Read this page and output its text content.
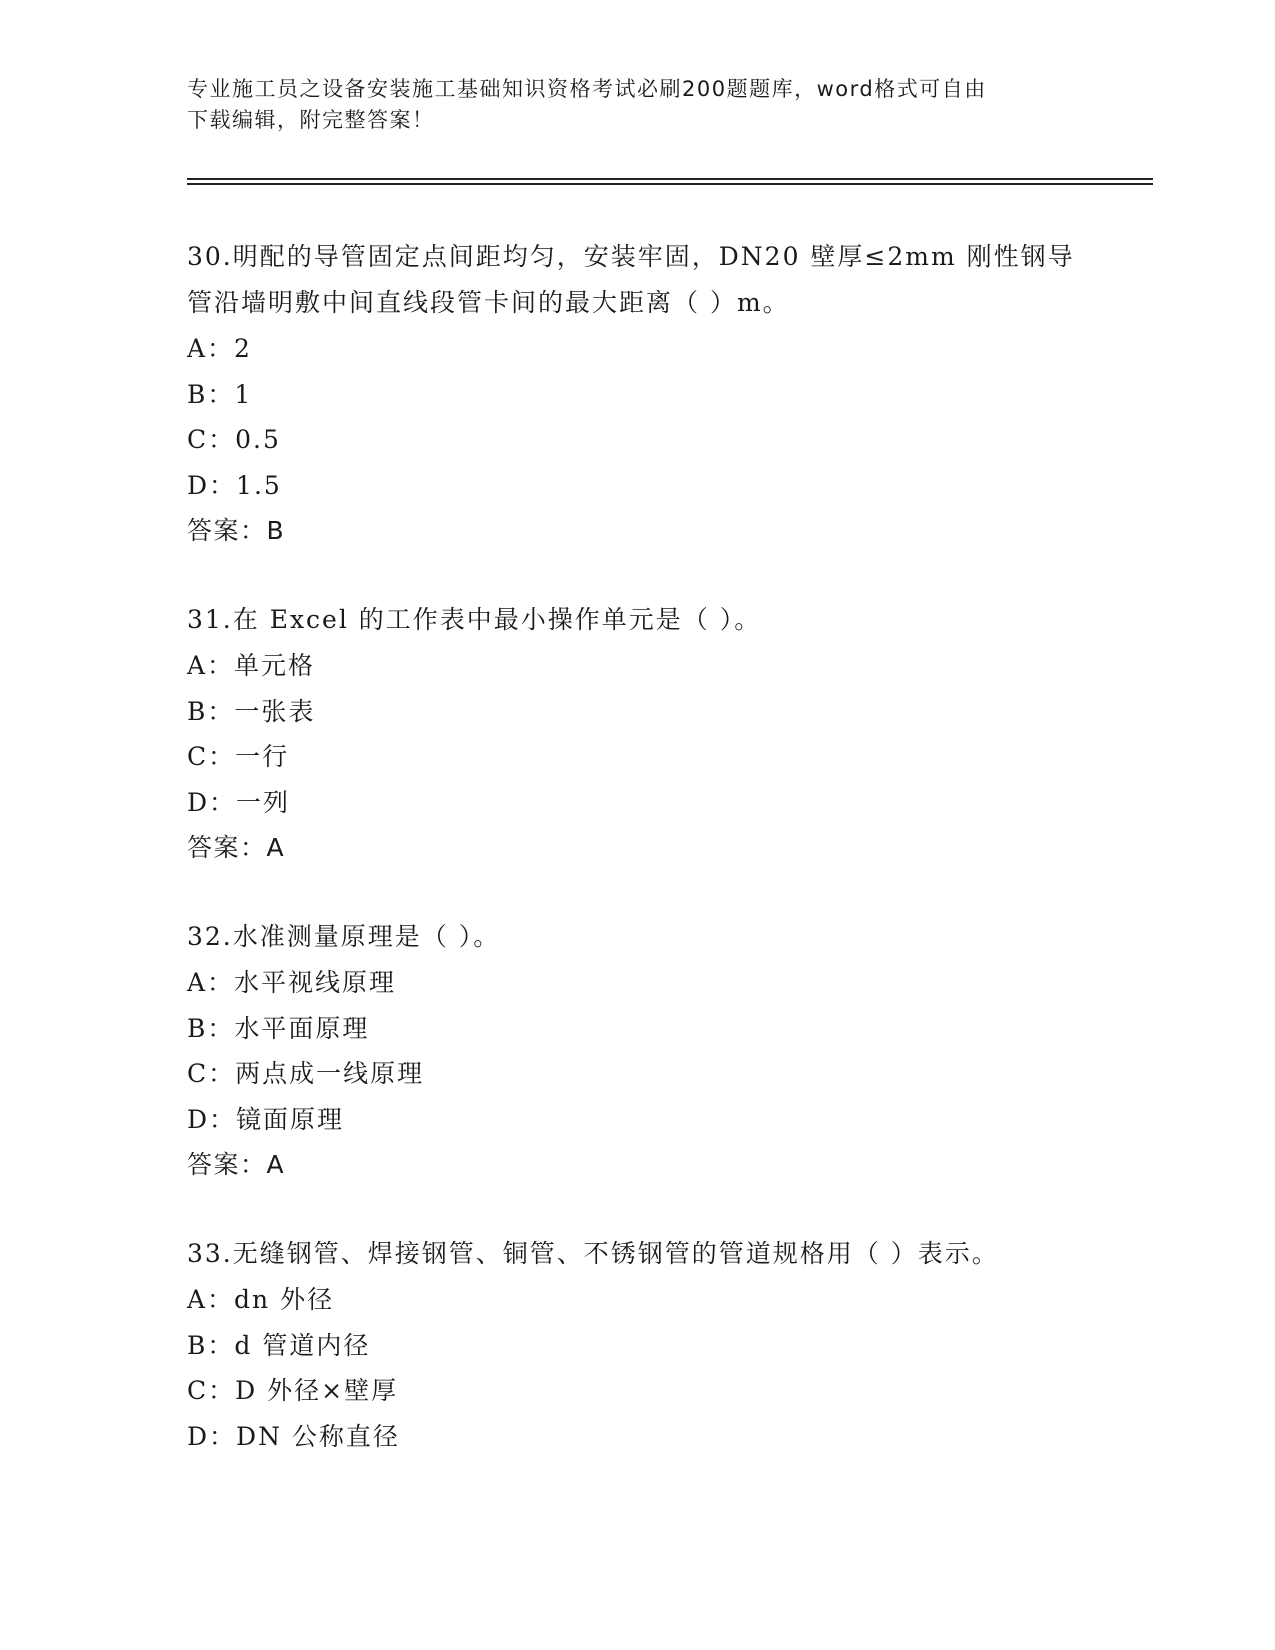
专业施工员之设备安装施工基础知识资格考试必刷200题题库，word格式可自由
下载编辑，附完整答案！
30.明配的导管固定点间距均匀，安装牢固，DN20 壁厚≤2mm 刚性钢导
管沿墙明敷中间直线段管卡间的最大距离（ ）m。
A：2
B：1
C：0.5
D：1.5
答案：B
31.在 Excel 的工作表中最小操作单元是（ ）。
A：单元格
B：一张表
C：一行
D：一列
答案：A
32.水准测量原理是（ ）。
A：水平视线原理
B：水平面原理
C：两点成一线原理
D：镜面原理
答案：A
33.无缝钢管、焊接钢管、铜管、不锈钢管的管道规格用（ ）表示。
A：dn 外径
B：d 管道内径
C：D 外径×壁厚
D：DN 公称直径
